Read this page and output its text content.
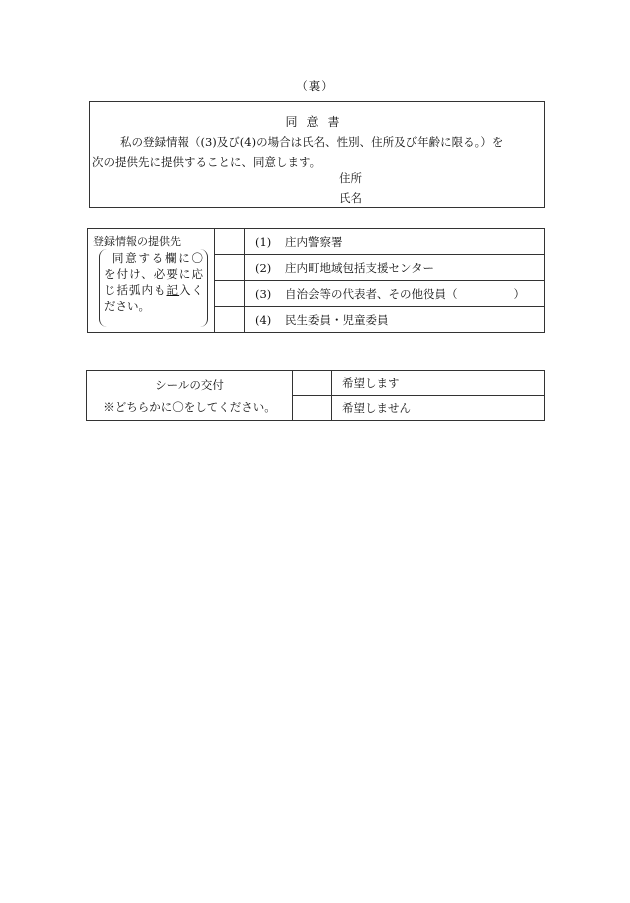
（裏）
同意書
私の登録情報（(3)及び(4)の場合は氏名、性別、住所及び年齢に限る。）を
次の提供先に提供することに、同意します。
住所
氏名
登録情報の提供先
同意する欄に〇を付け、必要に応じ括弧内も記入ください。		(1) 庄内警察署
		(2) 庄内町地域包括支援センター
		(3) 自治会等の代表者、その他役員（ ）
		(4) 民生委員・児童委員
シールの交付
※どちらかに〇をしてください。		希望します
		希望しません
